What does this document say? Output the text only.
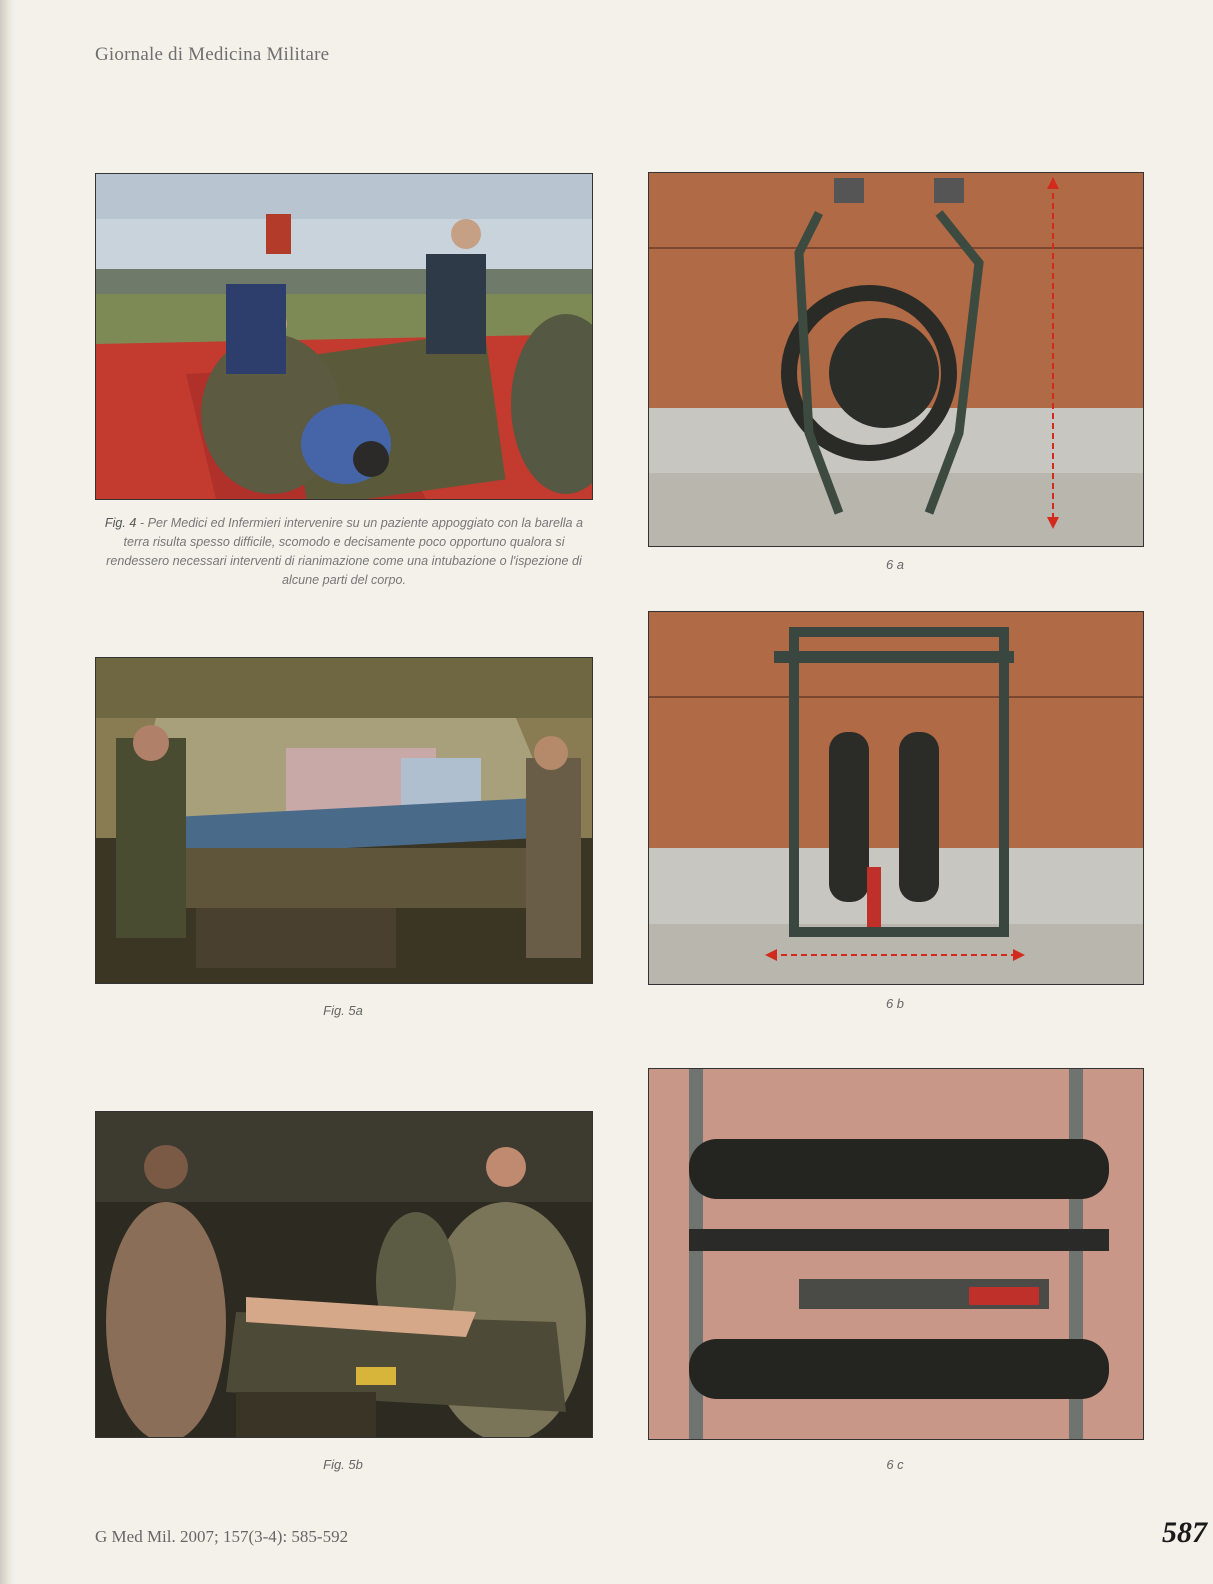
Giornale di Medicina Militare
Fig. 4 - Per Medici ed Infermieri intervenire su un paziente appoggiato con la barella a terra risulta spesso difficile, scomodo e decisamente poco opportuno qualora si rendessero necessari interventi di rianimazione come una intubazione o l'ispezione di alcune parti del corpo.
Fig. 5a
Fig. 5b
6 a
6 b
6 c
G Med Mil. 2007; 157(3-4): 585-592	587
